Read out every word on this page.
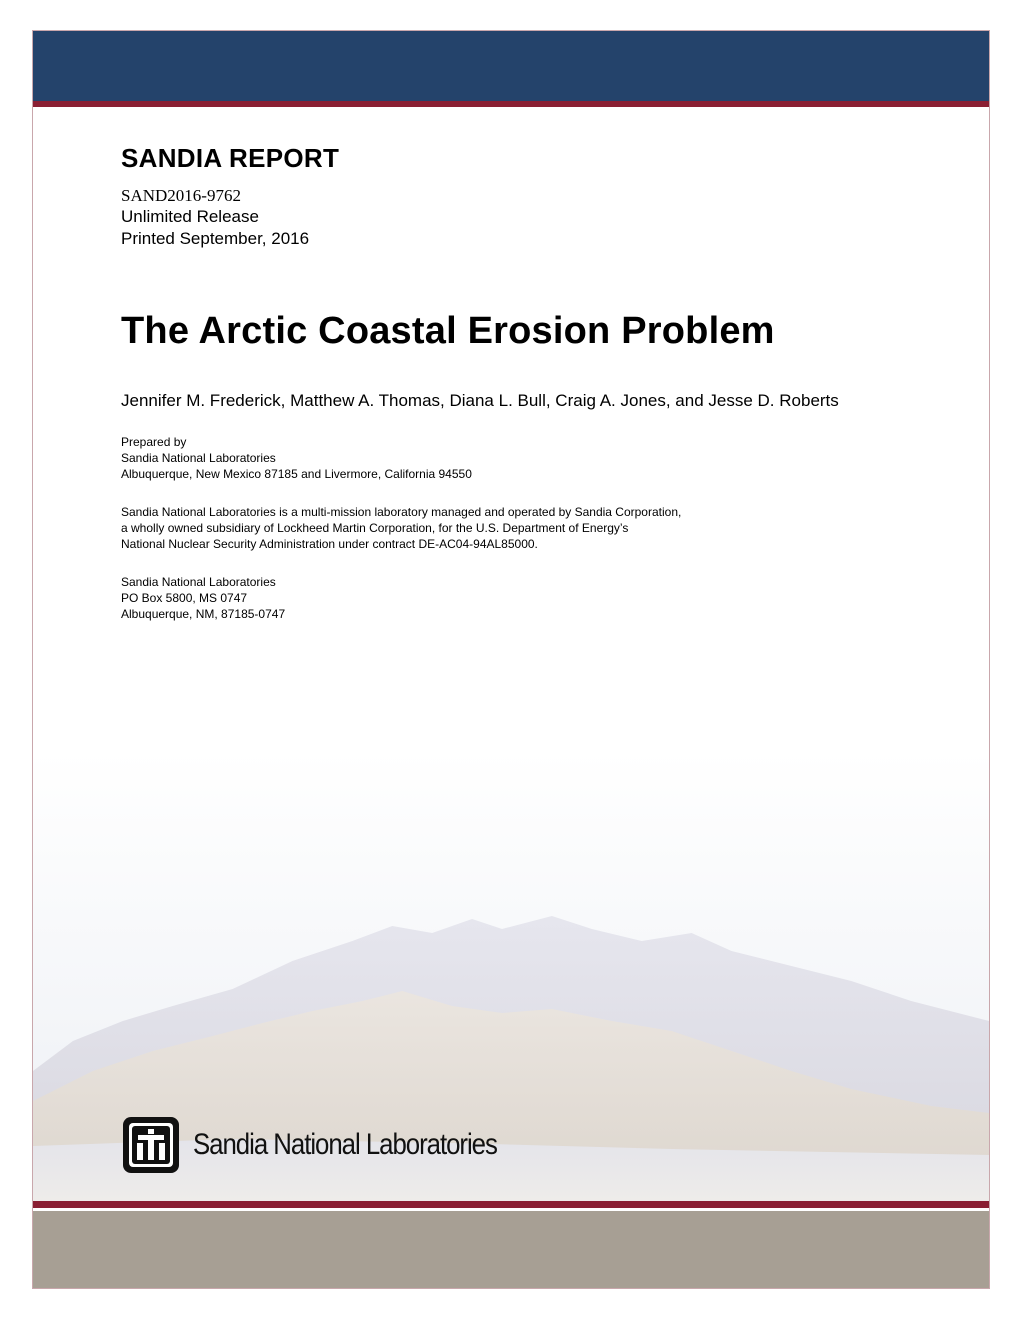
SANDIA REPORT
SAND2016-9762
Unlimited Release
Printed September, 2016
The Arctic Coastal Erosion Problem
Jennifer M. Frederick, Matthew A. Thomas, Diana L. Bull, Craig A. Jones, and Jesse D. Roberts
Prepared by
Sandia National Laboratories
Albuquerque, New Mexico 87185 and Livermore, California 94550
Sandia National Laboratories is a multi-mission laboratory managed and operated by Sandia Corporation,
a wholly owned subsidiary of Lockheed Martin Corporation, for the U.S. Department of Energy’s
National Nuclear Security Administration under contract DE-AC04-94AL85000.
Sandia National Laboratories
PO Box 5800, MS 0747
Albuquerque, NM, 87185-0747
Sandia National Laboratories
